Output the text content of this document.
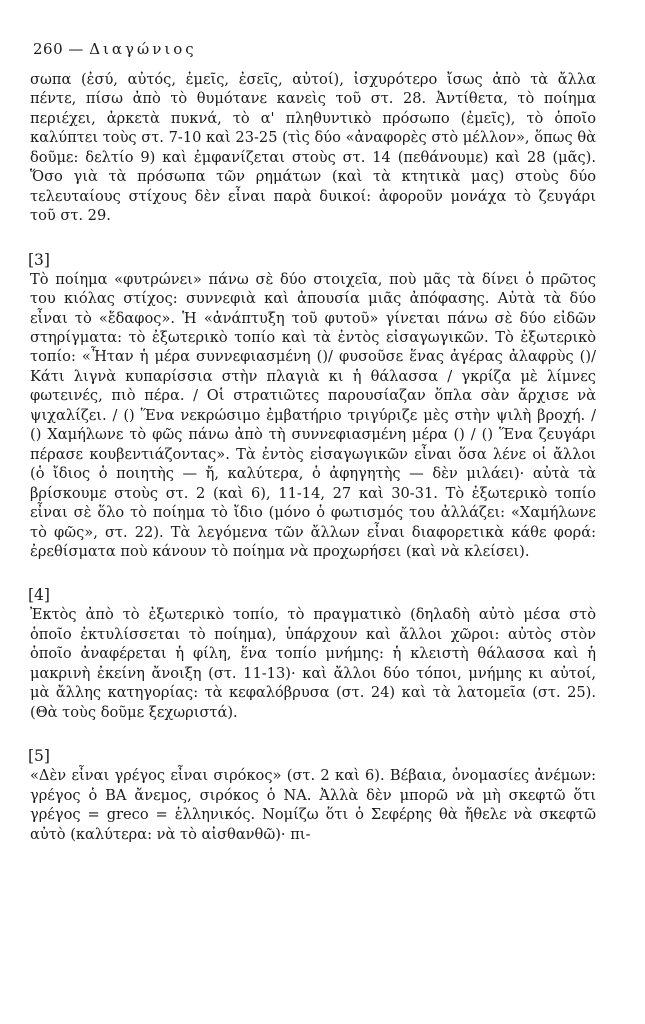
260 — Διαγώνιος

σωπα (ἐσύ, αὐτός, ἐμεῖς, ἐσεῖς, αὐτοί), ἰσχυρότερο ἴσως ἀπὸ τὰ ἄλλα πέντε, πίσω ἀπὸ τὸ θυμότανε κανεὶς τοῦ στ. 28. Ἀντίθετα, τὸ ποίημα περιέχει, ἀρκετὰ πυκνά, τὸ α' πληθυντικὸ πρόσωπο (ἐμεῖς), τὸ ὁποῖο καλύπτει τοὺς στ. 7-10 καὶ 23-25 (τὶς δύο «ἀναφορὲς στὸ μέλλον», ὅπως θὰ δοῦμε: δελτίο 9) καὶ ἐμφανίζεται στοὺς στ. 14 (πεθάνουμε) καὶ 28 (μᾶς). Ὅσο γιὰ τὰ πρόσωπα τῶν ρημάτων (καὶ τὰ κτητικὰ μας) στοὺς δύο τελευταίους στίχους δὲν εἶναι παρὰ δυικοί: ἀφοροῦν μονάχα τὸ ζευγάρι τοῦ στ. 29.

[3]

Τὸ ποίημα «φυτρώνει» πάνω σὲ δύο στοιχεῖα, ποὺ μᾶς τὰ δίνει ὁ πρῶτος του κιόλας στίχος: συννεφιὰ καὶ ἀπουσία μιᾶς ἀπόφασης. Αὐτὰ τὰ δύο εἶναι τὸ «ἔδαφος». Ἡ «ἀνάπτυξη τοῦ φυτοῦ» γίνεται πάνω σὲ δύο εἰδῶν στηρίγματα: τὸ ἐξωτερικὸ τοπίο καὶ τὰ ἐντὸς εἰσαγωγικῶν. Τὸ ἐξωτερικὸ τοπίο: «Ἦταν ἡ μέρα συννεφιασμένη ()/ φυσοῦσε ἕνας ἀγέρας ἀλαφρὺς ()/ Κάτι λιγνὰ κυπαρίσσια στὴν πλαγιὰ κι ἡ θάλασσα / γκρίζα μὲ λίμνες φωτεινές, πιὸ πέρα. / Οἱ στρατιῶτες παρουσίαζαν ὅπλα σὰν ἄρχισε νὰ ψιχαλίζει. / () Ἕνα νεκρώσιμο ἐμβατήριο τριγύριζε μὲς στὴν ψιλὴ βροχή. / () Χαμήλωνε τὸ φῶς πάνω ἀπὸ τὴ συννεφιασμένη μέρα () / () Ἕνα ζευγάρι πέρασε κουβεντιάζοντας». Τὰ ἐντὸς εἰσαγωγικῶν εἶναι ὅσα λένε οἱ ἄλλοι (ὁ ἴδιος ὁ ποιητὴς — ἤ, καλύτερα, ὁ ἀφηγητὴς — δὲν μιλάει)· αὐτὰ τὰ βρίσκουμε στοὺς στ. 2 (καὶ 6), 11-14, 27 καὶ 30-31. Τὸ ἐξωτερικὸ τοπίο εἶναι σὲ ὅλο τὸ ποίημα τὸ ἴδιο (μόνο ὁ φωτισμός του ἀλλάζει: «Χαμήλωνε τὸ φῶς», στ. 22). Τὰ λεγόμενα τῶν ἄλλων εἶναι διαφορετικὰ κάθε φορά: ἐρεθίσματα ποὺ κάνουν τὸ ποίημα νὰ προχωρήσει (καὶ νὰ κλείσει).

[4]

Ἐκτὸς ἀπὸ τὸ ἐξωτερικὸ τοπίο, τὸ πραγματικὸ (δηλαδὴ αὐτὸ μέσα στὸ ὁποῖο ἐκτυλίσσεται τὸ ποίημα), ὑπάρχουν καὶ ἄλλοι χῶροι: αὐτὸς στὸν ὁποῖο ἀναφέρεται ἡ φίλη, ἕνα τοπίο μνήμης: ἡ κλειστὴ θάλασσα καὶ ἡ μακρινὴ ἐκείνη ἄνοιξη (στ. 11-13)· καὶ ἄλλοι δύο τόποι, μνήμης κι αὐτοί, μὰ ἄλλης κατηγορίας: τὰ κεφαλόβρυσα (στ. 24) καὶ τὰ λατομεῖα (στ. 25). (Θὰ τοὺς δοῦμε ξεχωριστά).

[5]

«Δὲν εἶναι γρέγος εἶναι σιρόκος» (στ. 2 καὶ 6). Βέβαια, ὀνομασίες ἀνέμων: γρέγος ὁ ΒΑ ἄνεμος, σιρόκος ὁ ΝΑ. Ἀλλὰ δὲν μπορῶ νὰ μὴ σκεφτῶ ὅτι γρέγος = greco = ἑλληνικός. Νομίζω ὅτι ὁ Σεφέρης θὰ ἤθελε νὰ σκεφτῶ αὐτὸ (καλύτερα: νὰ τὸ αἰσθανθῶ)· πι-
